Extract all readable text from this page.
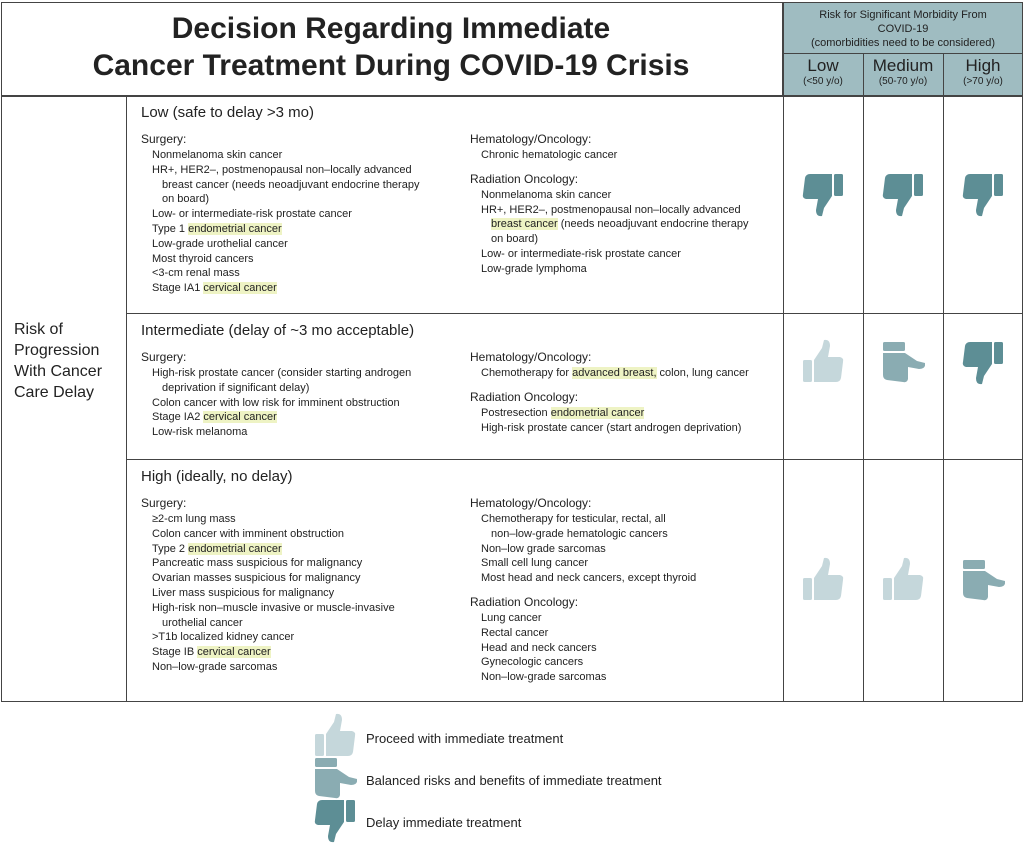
Decision Regarding Immediate
Cancer Treatment During COVID-19 Crisis
Risk for Significant Morbidity From
COVID-19
(comorbidities need to be considered)
Low
(<50 y/o)
Medium
(50-70 y/o)
High
(>70 y/o)
Risk of
Progression
With Cancer
Care Delay
Low (safe to delay >3 mo)
Surgery:
Nonmelanoma skin cancer
HR+, HER2–, postmenopausal non–locally advanced
breast cancer (needs neoadjuvant endocrine therapy
on board)
Low- or intermediate-risk prostate cancer
Type 1 endometrial cancer
Low-grade urothelial cancer
Most thyroid cancers
<3-cm renal mass
Stage IA1 cervical cancer
Hematology/Oncology:
Chronic hematologic cancer
Radiation Oncology:
Nonmelanoma skin cancer
HR+, HER2–, postmenopausal non–locally advanced
breast cancer (needs neoadjuvant endocrine therapy
on board)
Low- or intermediate-risk prostate cancer
Low-grade lymphoma
Intermediate (delay of ~3 mo acceptable)
Surgery:
High-risk prostate cancer (consider starting androgen
deprivation if significant delay)
Colon cancer with low risk for imminent obstruction
Stage IA2 cervical cancer
Low-risk melanoma
Hematology/Oncology:
Chemotherapy for advanced breast, colon, lung cancer
Radiation Oncology:
Postresection endometrial cancer
High-risk prostate cancer (start androgen deprivation)
High (ideally, no delay)
Surgery:
≥2-cm lung mass
Colon cancer with imminent obstruction
Type 2 endometrial cancer
Pancreatic mass suspicious for malignancy
Ovarian masses suspicious for malignancy
Liver mass suspicious for malignancy
High-risk non–muscle invasive or muscle-invasive
urothelial cancer
>T1b localized kidney cancer
Stage IB cervical cancer
Non–low-grade sarcomas
Hematology/Oncology:
Chemotherapy for testicular, rectal, all
non–low-grade hematologic cancers
Non–low grade sarcomas
Small cell lung cancer
Most head and neck cancers, except thyroid
Radiation Oncology:
Lung cancer
Rectal cancer
Head and neck cancers
Gynecologic cancers
Non–low-grade sarcomas
Proceed with immediate treatment
Balanced risks and benefits of immediate treatment
Delay immediate treatment
